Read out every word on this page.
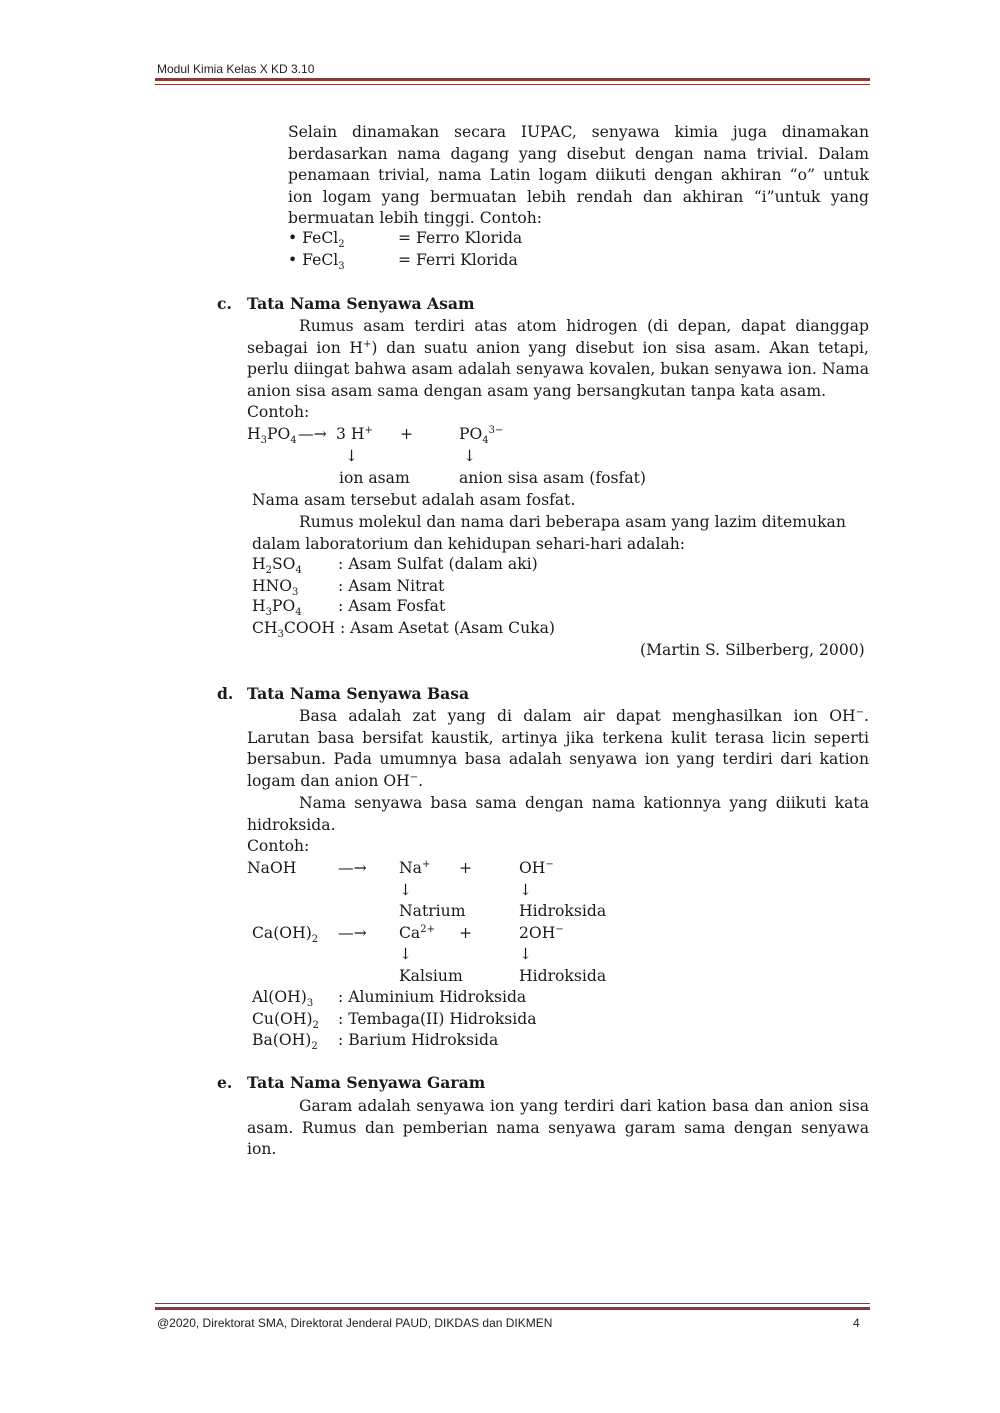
Modul Kimia Kelas X KD 3.10
Selain dinamakan secara IUPAC, senyawa kimia juga dinamakan berdasarkan nama dagang yang disebut dengan nama trivial. Dalam penamaan trivial, nama Latin logam diikuti dengan akhiran “o” untuk ion logam yang bermuatan lebih rendah dan akhiran “i”untuk yang bermuatan lebih tinggi. Contoh:
• FeCl$_2$	= Ferro Klorida
• FeCl$_3$	= Ferri Klorida
c. Tata Nama Senyawa Asam
Rumus asam terdiri atas atom hidrogen (di depan, dapat dianggap sebagai ion H+) dan suatu anion yang disebut ion sisa asam. Akan tetapi, perlu diingat bahwa asam adalah senyawa kovalen, bukan senyawa ion. Nama anion sisa asam sama dengan asam yang bersangkutan tanpa kata asam.
Contoh:
$H_3PO_4$ —→ 3 H+ +	$PO_4^{3-}$
↓	↓
ion asam	anion sisa asam (fosfat)
Nama asam tersebut adalah asam fosfat.
Rumus molekul dan nama dari beberapa asam yang lazim ditemukan dalam laboratorium dan kehidupan sehari-hari adalah:
$H_2SO_4$ : Asam Sulfat (dalam aki)
$HNO_3$	: Asam Nitrat
$H_3PO_4$ : Asam Fosfat
$CH_3COOH$ : Asam Asetat (Asam Cuka)
(Martin S. Silberberg, 2000)
d. Tata Nama Senyawa Basa
Basa adalah zat yang di dalam air dapat menghasilkan ion OH−. Larutan basa bersifat kaustik, artinya jika terkena kulit terasa licin seperti bersabun. Pada umumnya basa adalah senyawa ion yang terdiri dari kation logam dan anion OH−.
Nama senyawa basa sama dengan nama kationnya yang diikuti kata hidroksida.
Contoh:
NaOH	—→ Na+ +	OH−
↓	↓
Natrium	Hidroksida
$Ca(OH)_2$ —→ $Ca^{2+}$ +	2OH−
↓	↓
Kalsium	Hidroksida
$Al(OH)_3$ : Aluminium Hidroksida
$Cu(OH)_2$ : Tembaga(II) Hidroksida
$Ba(OH)_2$ : Barium Hidroksida
e. Tata Nama Senyawa Garam
Garam adalah senyawa ion yang terdiri dari kation basa dan anion sisa asam. Rumus dan pemberian nama senyawa garam sama dengan senyawa ion.
@2020, Direktorat SMA, Direktorat Jenderal PAUD, DIKDAS dan DIKMEN	4
